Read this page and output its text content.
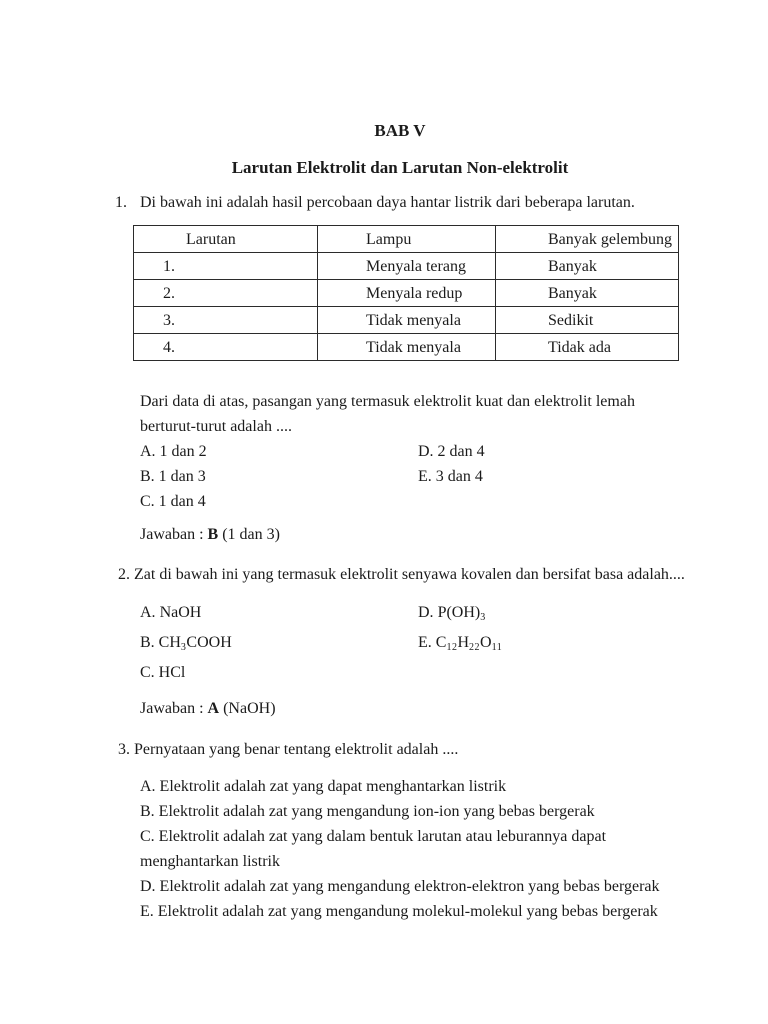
BAB V
Larutan Elektrolit dan Larutan Non-elektrolit
1. Di bawah ini adalah hasil percobaan daya hantar listrik dari beberapa larutan.
Larutan	Lampu	Banyak gelembung
1.	Menyala terang	Banyak
2.	Menyala redup	Banyak
3.	Tidak menyala	Sedikit
4.	Tidak menyala	Tidak ada
Dari data di atas, pasangan yang termasuk elektrolit kuat dan elektrolit lemah berturut-turut adalah ....
A. 1 dan 2	D. 2 dan 4
B. 1 dan 3	E. 3 dan 4
C. 1 dan 4
Jawaban : B (1 dan 3)
2. Zat di bawah ini yang termasuk elektrolit senyawa kovalen dan bersifat basa adalah....
A. NaOH	D. $P(OH)_3$
B. $CH_3COOH$	E. $C_{12}H_{22}O_{11}$
C. HCl
Jawaban : A (NaOH)
3. Pernyataan yang benar tentang elektrolit adalah ....
A. Elektrolit adalah zat yang dapat menghantarkan listrik
B. Elektrolit adalah zat yang mengandung ion-ion yang bebas bergerak
C. Elektrolit adalah zat yang dalam bentuk larutan atau leburannya dapat menghantarkan listrik
D. Elektrolit adalah zat yang mengandung elektron-elektron yang bebas bergerak
E. Elektrolit adalah zat yang mengandung molekul-molekul yang bebas bergerak
